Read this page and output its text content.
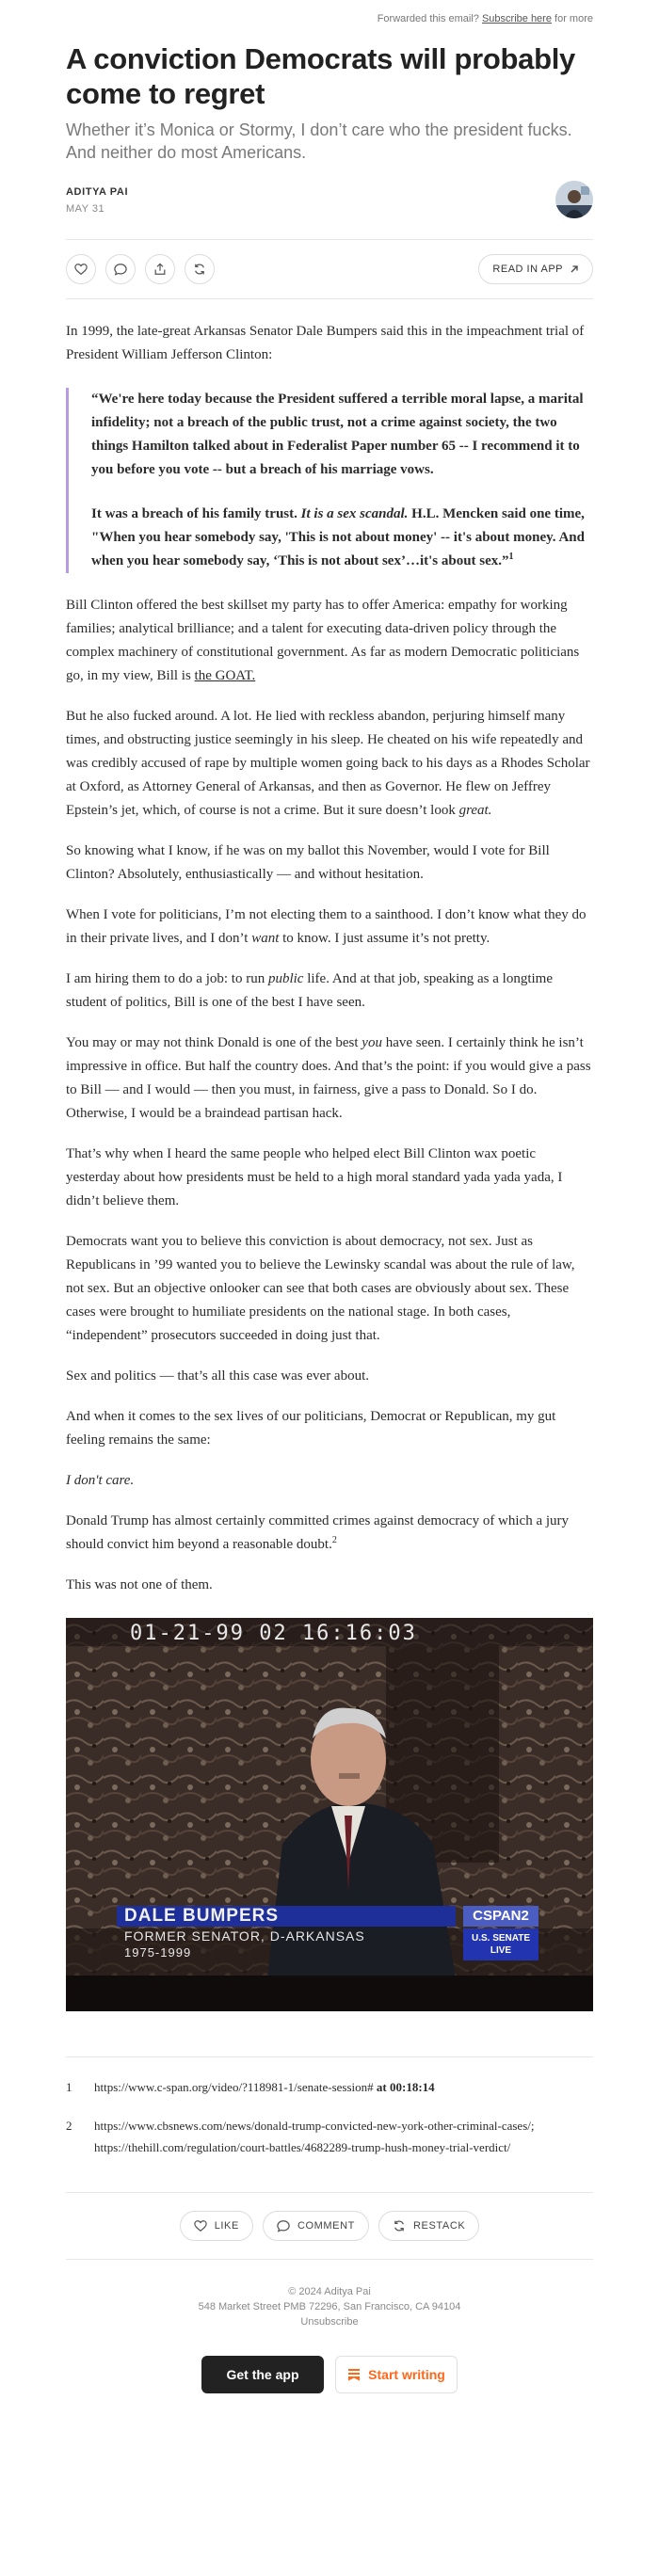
Forwarded this email? Subscribe here for more
A conviction Democrats will probably come to regret
Whether it’s Monica or Stormy, I don’t care who the president fucks. And neither do most Americans.
ADITYA PAI
MAY 31
READ IN APP

In 1999, the late-great Arkansas Senator Dale Bumpers said this in the impeachment trial of President William Jefferson Clinton:

“We're here today because the President suffered a terrible moral lapse, a marital infidelity; not a breach of the public trust, not a crime against society, the two things Hamilton talked about in Federalist Paper number 65 -- I recommend it to you before you vote -- but a breach of his marriage vows.

It was a breach of his family trust. It is a sex scandal. H.L. Mencken said one time, "When you hear somebody say, 'This is not about money' -- it's about money. And when you hear somebody say, ‘This is not about sex’…it's about sex.”$^1$

Bill Clinton offered the best skillset my party has to offer America: empathy for working families; analytical brilliance; and a talent for executing data-driven policy through the complex machinery of constitutional government. As far as modern Democratic politicians go, in my view, Bill is the GOAT.

But he also fucked around. A lot. He lied with reckless abandon, perjuring himself many times, and obstructing justice seemingly in his sleep. He cheated on his wife repeatedly and was credibly accused of rape by multiple women going back to his days as a Rhodes Scholar at Oxford, as Attorney General of Arkansas, and then as Governor. He flew on Jeffrey Epstein’s jet, which, of course is not a crime. But it sure doesn’t look great.

So knowing what I know, if he was on my ballot this November, would I vote for Bill Clinton? Absolutely, enthusiastically — and without hesitation.

When I vote for politicians, I’m not electing them to a sainthood. I don’t know what they do in their private lives, and I don’t want to know. I just assume it’s not pretty.

I am hiring them to do a job: to run public life. And at that job, speaking as a longtime student of politics, Bill is one of the best I have seen.

You may or may not think Donald is one of the best you have seen. I certainly think he isn’t impressive in office. But half the country does. And that’s the point: if you would give a pass to Bill — and I would — then you must, in fairness, give a pass to Donald. So I do. Otherwise, I would be a braindead partisan hack.

That’s why when I heard the same people who helped elect Bill Clinton wax poetic yesterday about how presidents must be held to a high moral standard yada yada yada, I didn’t believe them.

Democrats want you to believe this conviction is about democracy, not sex. Just as Republicans in ’99 wanted you to believe the Lewinsky scandal was about the rule of law, not sex. But an objective onlooker can see that both cases are obviously about sex. These cases were brought to humiliate presidents on the national stage. In both cases, “independent” prosecutors succeeded in doing just that.

Sex and politics — that’s all this case was ever about.

And when it comes to the sex lives of our politicians, Democrat or Republican, my gut feeling remains the same:

I don't care.

Donald Trump has almost certainly committed crimes against democracy of which a jury should convict him beyond a reasonable doubt.$^2$

This was not one of them.

01-21-99 02 16:16:03
DALE BUMPERS
FORMER SENATOR, D-ARKANSAS
1975-1999
CSPAN2
U.S. SENATE
LIVE
1 https://www.c-span.org/video/?118981-1/senate-session# at 00:18:14
2 https://www.cbsnews.com/news/donald-trump-convicted-new-york-other-criminal-cases/; https://thehill.com/regulation/court-battles/4682289-trump-hush-money-trial-verdict/
LIKE	COMMENT	RESTACK
© 2024 Aditya Pai
548 Market Street PMB 72296, San Francisco, CA 94104
Unsubscribe
Get the app	Start writing
